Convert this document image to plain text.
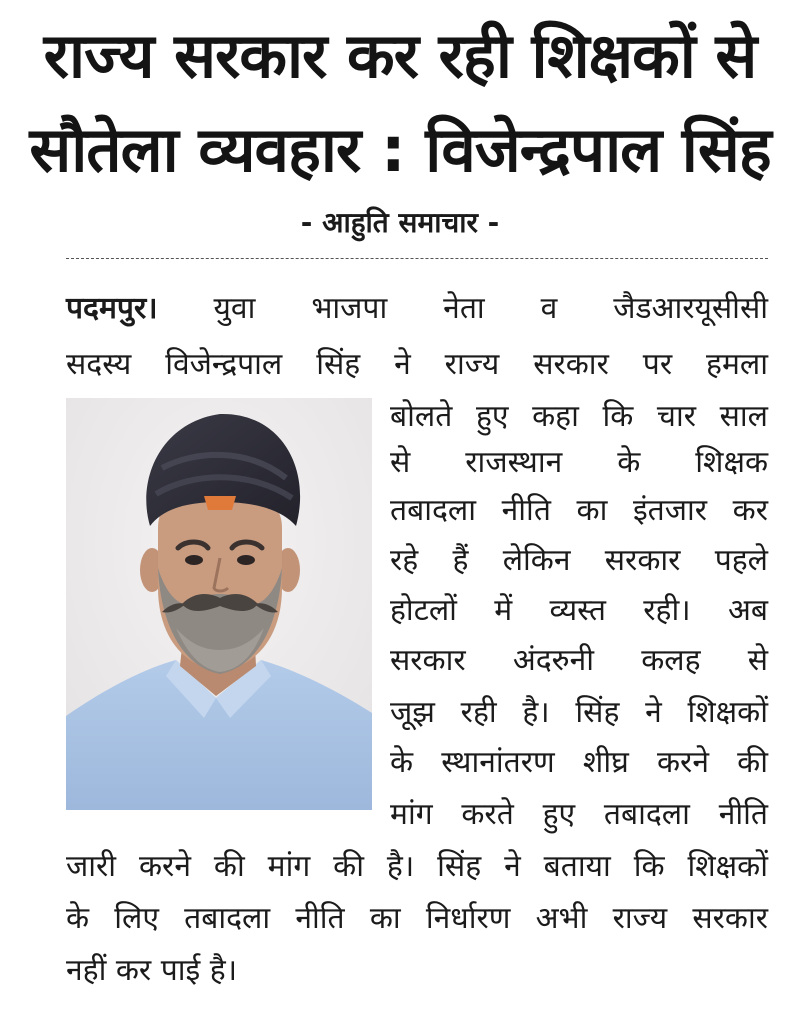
राज्य सरकार कर रही शिक्षकों से
सौतेला व्यवहार : विजेन्द्रपाल सिंह
- आहुति समाचार -
पदमपुर। युवा भाजपा नेता व जैडआरयूसीसी
सदस्य विजेन्द्रपाल सिंह ने राज्य सरकार पर हमला
बोलते हुए कहा कि चार साल
से राजस्थान के शिक्षक
तबादला नीति का इंतजार कर
रहे हैं लेकिन सरकार पहले
होटलों में व्यस्त रही। अब
सरकार अंदरुनी कलह से
जूझ रही है। सिंह ने शिक्षकों
के स्थानांतरण शीघ्र करने की
मांग करते हुए तबादला नीति
जारी करने की मांग की है। सिंह ने बताया कि शिक्षकों
के लिए तबादला नीति का निर्धारण अभी राज्य सरकार
नहीं कर पाई है।
